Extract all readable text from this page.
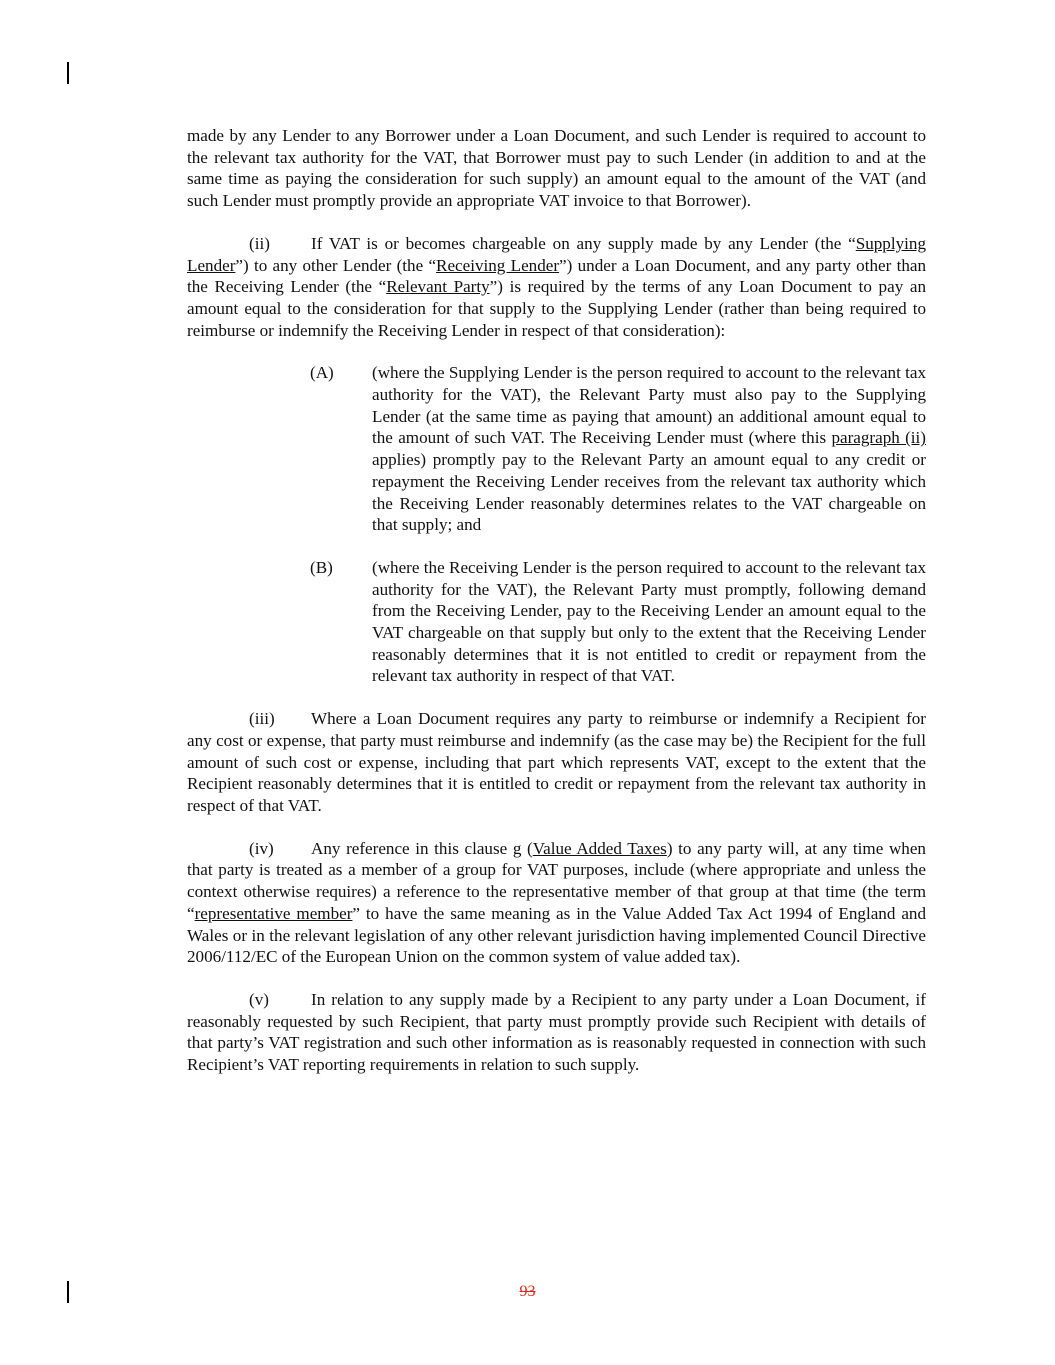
made by any Lender to any Borrower under a Loan Document, and such Lender is required to account to the relevant tax authority for the VAT, that Borrower must pay to such Lender (in addition to and at the same time as paying the consideration for such supply) an amount equal to the amount of the VAT (and such Lender must promptly provide an appropriate VAT invoice to that Borrower).

(ii) If VAT is or becomes chargeable on any supply made by any Lender (the “Supplying Lender”) to any other Lender (the “Receiving Lender”) under a Loan Document, and any party other than the Receiving Lender (the “Relevant Party”) is required by the terms of any Loan Document to pay an amount equal to the consideration for that supply to the Supplying Lender (rather than being required to reimburse or indemnify the Receiving Lender in respect of that consideration):

(A) (where the Supplying Lender is the person required to account to the relevant tax authority for the VAT), the Relevant Party must also pay to the Supplying Lender (at the same time as paying that amount) an additional amount equal to the amount of such VAT. The Receiving Lender must (where this paragraph (ii) applies) promptly pay to the Relevant Party an amount equal to any credit or repayment the Receiving Lender receives from the relevant tax authority which the Receiving Lender reasonably determines relates to the VAT chargeable on that supply; and
(B) (where the Receiving Lender is the person required to account to the relevant tax authority for the VAT), the Relevant Party must promptly, following demand from the Receiving Lender, pay to the Receiving Lender an amount equal to the VAT chargeable on that supply but only to the extent that the Receiving Lender reasonably determines that it is not entitled to credit or repayment from the relevant tax authority in respect of that VAT.

(iii) Where a Loan Document requires any party to reimburse or indemnify a Recipient for any cost or expense, that party must reimburse and indemnify (as the case may be) the Recipient for the full amount of such cost or expense, including that part which represents VAT, except to the extent that the Recipient reasonably determines that it is entitled to credit or repayment from the relevant tax authority in respect of that VAT.

(iv) Any reference in this clause g (Value Added Taxes) to any party will, at any time when that party is treated as a member of a group for VAT purposes, include (where appropriate and unless the context otherwise requires) a reference to the representative member of that group at that time (the term “representative member” to have the same meaning as in the Value Added Tax Act 1994 of England and Wales or in the relevant legislation of any other relevant jurisdiction having implemented Council Directive 2006/112/EC of the European Union on the common system of value added tax).

(v) In relation to any supply made by a Recipient to any party under a Loan Document, if reasonably requested by such Recipient, that party must promptly provide such Recipient with details of that party’s VAT registration and such other information as is reasonably requested in connection with such Recipient’s VAT reporting requirements in relation to such supply.

93
